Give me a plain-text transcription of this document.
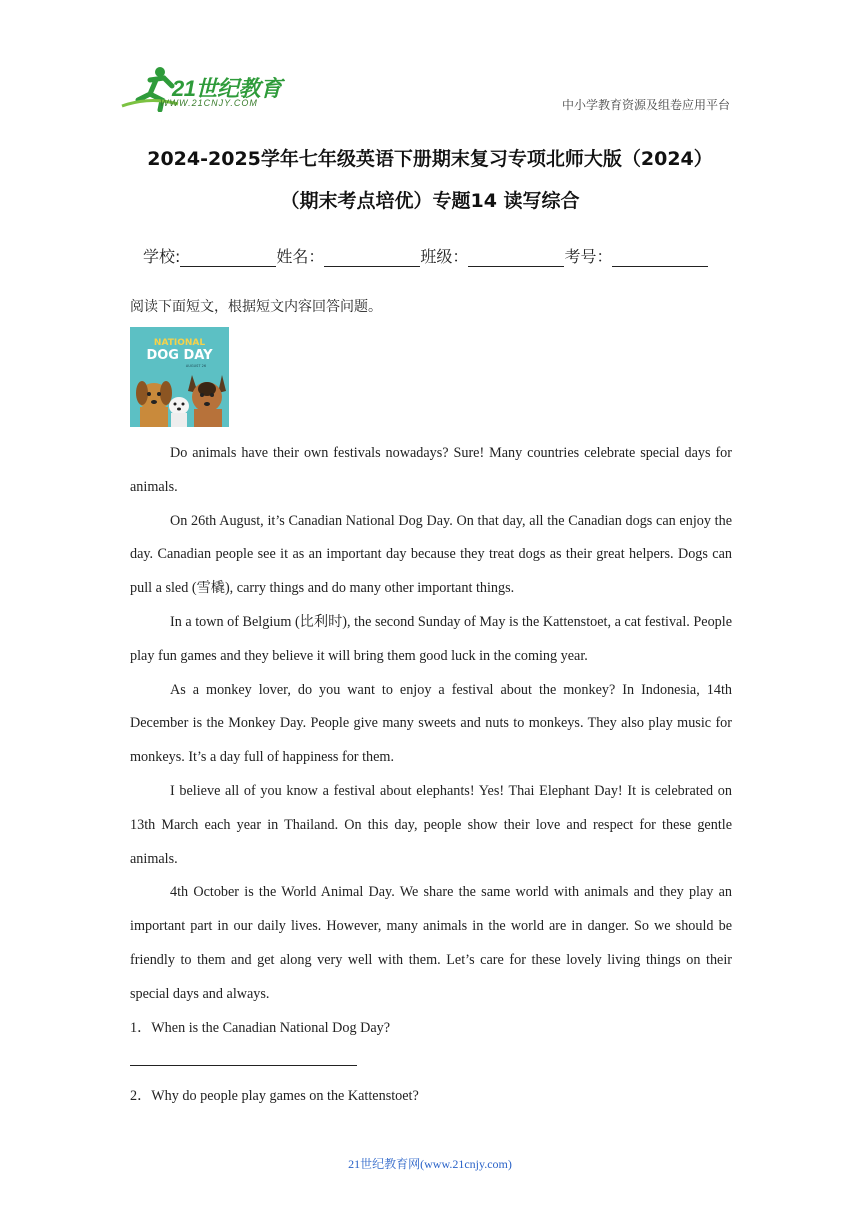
21世纪教育
WWW.21CNJY.COM	中小学教育资源及组卷应用平台
2024-2025学年七年级英语下册期末复习专项北师大版（2024）
（期末考点培优）专题14 读写综合
学校:	姓名：	班级：	考号：
阅读下面短文，根据短文内容回答问题。
NATIONAL
DOG DAY
AUGUST 26

Do animals have their own festivals nowadays? Sure! Many countries celebrate special days for animals.

On 26th August, it’s Canadian National Dog Day. On that day, all the Canadian dogs can enjoy the day. Canadian people see it as an important day because they treat dogs as their great helpers. Dogs can pull a sled (雪橇), carry things and do many other important things.

In a town of Belgium (比利时), the second Sunday of May is the Kattenstoet, a cat festival. People play fun games and they believe it will bring them good luck in the coming year.

As a monkey lover, do you want to enjoy a festival about the monkey? In Indonesia, 14th December is the Monkey Day. People give many sweets and nuts to monkeys. They also play music for monkeys. It’s a day full of happiness for them.

I believe all of you know a festival about elephants! Yes! Thai Elephant Day! It is celebrated on 13th March each year in Thailand. On this day, people show their love and respect for these gentle animals.

4th October is the World Animal Day. We share the same world with animals and they play an important part in our daily lives. However, many animals in the world are in danger. So we should be friendly to them and get along very well with them. Let’s care for these lovely living things on their special days and always.

1．When is the Canadian National Dog Day?
2．Why do people play games on the Kattenstoet?
21世纪教育网(www.21cnjy.com)
